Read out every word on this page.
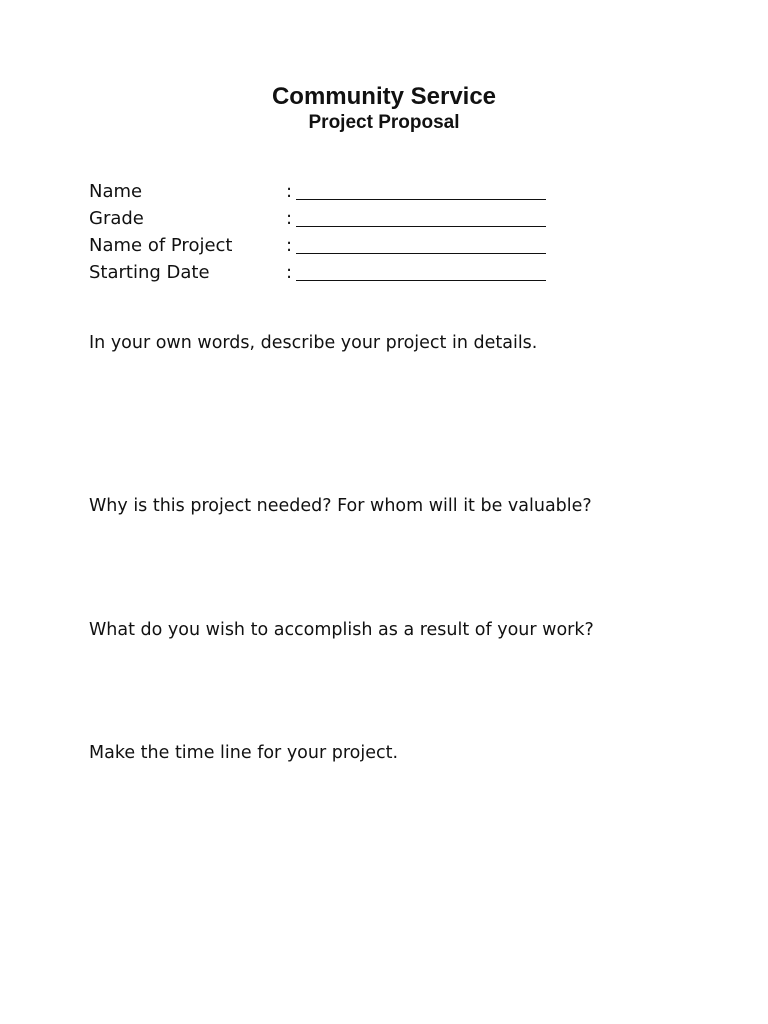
Community Service
Project Proposal
Name	:
Grade	:
Name of Project	:
Starting Date	:

In your own words, describe your project in details.

Why is this project needed? For whom will it be valuable?

What do you wish to accomplish as a result of your work?

Make the time line for your project.
